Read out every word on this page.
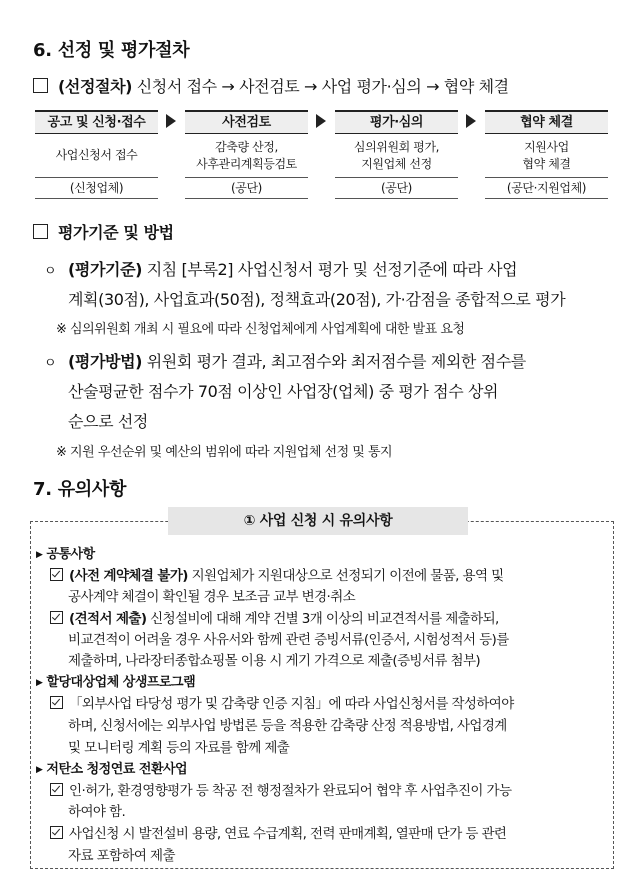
6. 선정 및 평가절차
(선정절차) 신청서 접수 → 사전검토 → 사업 평가·심의 → 협약 체결
공고 및 신청·접수
사업신청서 접수
(신청업체)
사전검토
감축량 산정,
사후관리계획등검토
(공단)
평가·심의
심의위원회 평가,
지원업체 선정
(공단)
협약 체결
지원사업
협약 체결
(공단·지원업체)
평가기준 및 방법
ㅇ (평가기준) 지침 [부록2] 사업신청서 평가 및 선정기준에 따라 사업
계획(30점), 사업효과(50점), 정책효과(20점), 가·감점을 종합적으로 평가
※ 심의위원회 개최 시 필요에 따라 신청업체에게 사업계획에 대한 발표 요청
ㅇ (평가방법) 위원회 평가 결과, 최고점수와 최저점수를 제외한 점수를
산술평균한 점수가 70점 이상인 사업장(업체) 중 평가 점수 상위
순으로 선정
※ 지원 우선순위 및 예산의 범위에 따라 지원업체 선정 및 통지
7. 유의사항
① 사업 신청 시 유의사항
▶ 공통사항
(사전 계약체결 불가) 지원업체가 지원대상으로 선정되기 이전에 물품, 용역 및
공사계약 체결이 확인될 경우 보조금 교부 변경·취소
(견적서 제출) 신청설비에 대해 계약 건별 3개 이상의 비교견적서를 제출하되,
비교견적이 어려울 경우 사유서와 함께 관련 증빙서류(인증서, 시험성적서 등)를
제출하며, 나라장터종합쇼핑몰 이용 시 게기 가격으로 제출(증빙서류 첨부)
▶ 할당대상업체 상생프로그램
「외부사업 타당성 평가 및 감축량 인증 지침」에 따라 사업신청서를 작성하여야
하며, 신청서에는 외부사업 방법론 등을 적용한 감축량 산정 적용방법, 사업경계
및 모니터링 계획 등의 자료를 함께 제출
▶ 저탄소 청정연료 전환사업
인·허가, 환경영향평가 등 착공 전 행정절차가 완료되어 협약 후 사업추진이 가능
하여야 함.
사업신청 시 발전설비 용량, 연료 수급계획, 전력 판매계획, 열판매 단가 등 관련
자료 포함하여 제출
